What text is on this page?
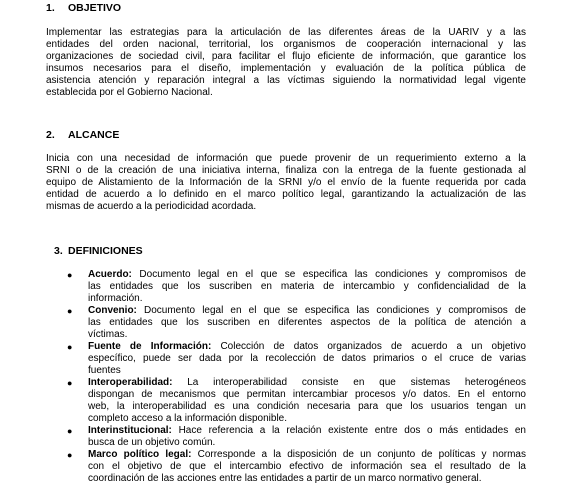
1. OBJETIVO
Implementar las estrategias para la articulación de las diferentes áreas de la UARIV y a las
entidades del orden nacional, territorial, los organismos de cooperación internacional y las
organizaciones de sociedad civil, para facilitar el flujo eficiente de información, que garantice los
insumos necesarios para el diseño, implementación y evaluación de la política pública de
asistencia atención y reparación integral a las víctimas siguiendo la normatividad legal vigente
establecida por el Gobierno Nacional.
2. ALCANCE
Inicia con una necesidad de información que puede provenir de un requerimiento externo a la
SRNI o de la creación de una iniciativa interna, finaliza con la entrega de la fuente gestionada al
equipo de Alistamiento de la Información de la SRNI y/o el envío de la fuente requerida por cada
entidad de acuerdo a lo definido en el marco político legal, garantizando la actualización de las
mismas de acuerdo a la periodicidad acordada.
3. DEFINICIONES
● Acuerdo: Documento legal en el que se especifica las condiciones y compromisos de
las entidades que los suscriben en materia de intercambio y confidencialidad de la
información.
● Convenio: Documento legal en el que se especifica las condiciones y compromisos de
las entidades que los suscriben en diferentes aspectos de la política de atención a
víctimas.
● Fuente de Información: Colección de datos organizados de acuerdo a un objetivo
específico, puede ser dada por la recolección de datos primarios o el cruce de varias
fuentes
● Interoperabilidad: La interoperabilidad consiste en que sistemas heterogéneos
dispongan de mecanismos que permitan intercambiar procesos y/o datos. En el entorno
web, la interoperabilidad es una condición necesaria para que los usuarios tengan un
completo acceso a la información disponible.
● Interinstitucional: Hace referencia a la relación existente entre dos o más entidades en
busca de un objetivo común.
● Marco político legal: Corresponde a la disposición de un conjunto de políticas y normas
con el objetivo de que el intercambio efectivo de información sea el resultado de la
coordinación de las acciones entre las entidades a partir de un marco normativo general.
